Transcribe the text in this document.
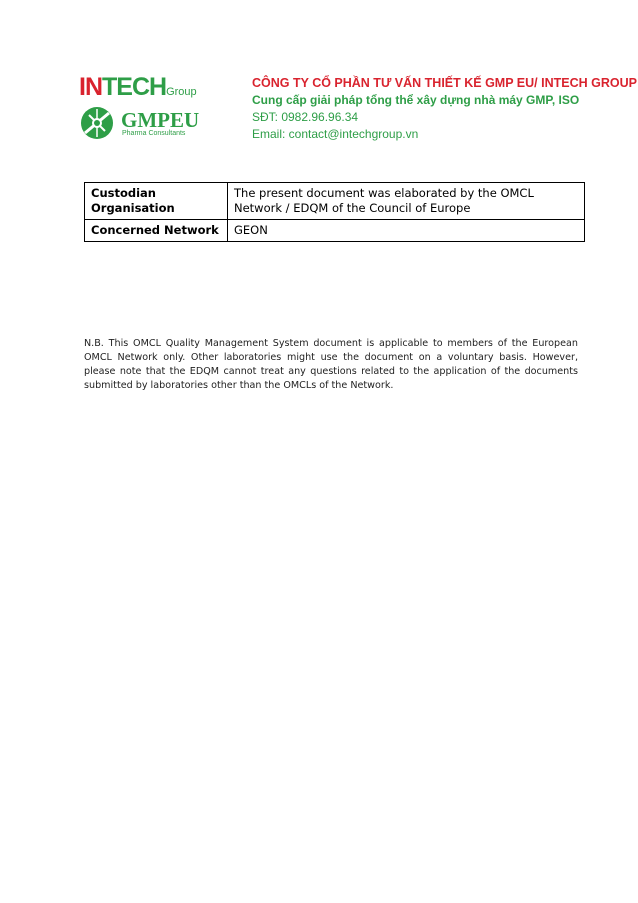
INTECHGroup
GMPEU
Pharma Consultants
CÔNG TY CỔ PHẦN TƯ VẤN THIẾT KẾ GMP EU/ INTECH GROUP
Cung cấp giải pháp tổng thể xây dựng nhà máy GMP, ISO
SĐT: 0982.96.96.34
Email: contact@intechgroup.vn
Custodian Organisation	The present document was elaborated by the OMCL Network / EDQM of the Council of Europe
Concerned Network	GEON
N.B. This OMCL Quality Management System document is applicable to members of the European OMCL Network only. Other laboratories might use the document on a voluntary basis. However, please note that the EDQM cannot treat any questions related to the application of the documents submitted by laboratories other than the OMCLs of the Network.
